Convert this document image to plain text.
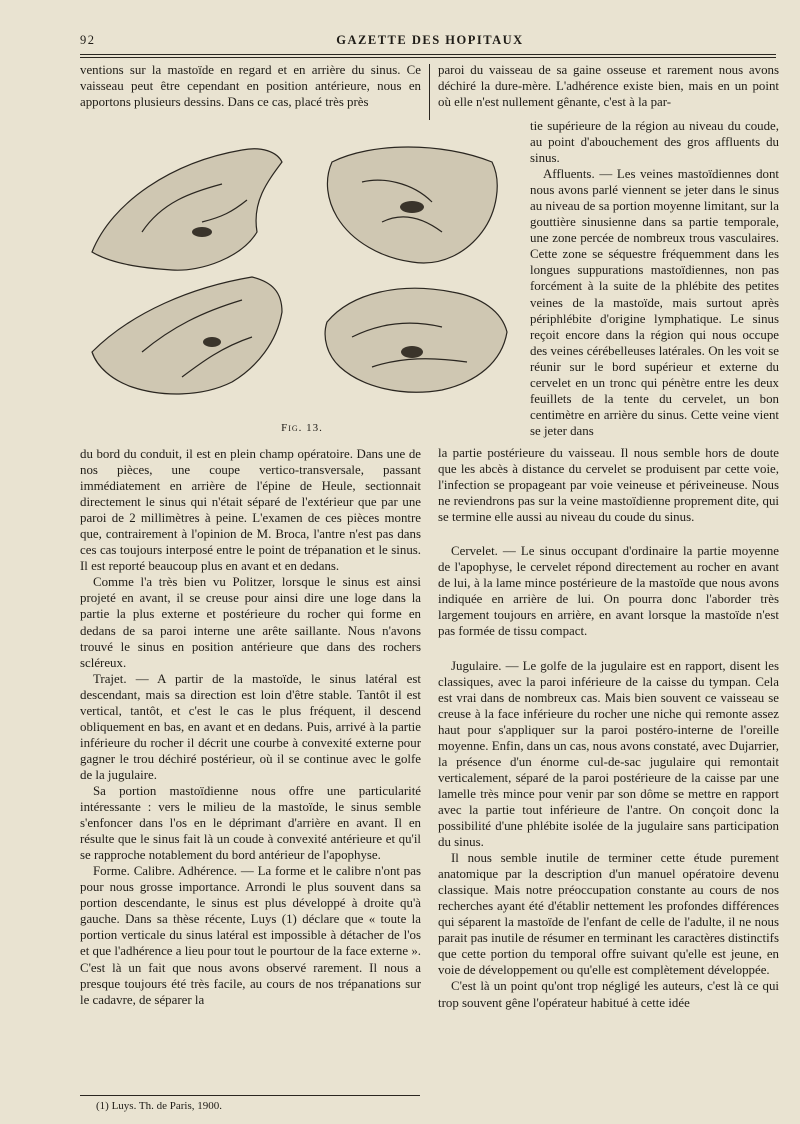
92	GAZETTE DES HOPITAUX

ventions sur la mastoïde en regard et en arrière du sinus. Ce vaisseau peut être cependant en position antérieure, nous en apportons plusieurs dessins. Dans ce cas, placé très près

paroi du vaisseau de sa gaine osseuse et rarement nous avons déchiré la dure-mère. L'adhérence existe bien, mais en un point où elle n'est nullement gênante, c'est à la par-

Fig. 13.

tie supérieure de la région au niveau du coude, au point d'abouchement des gros affluents du sinus.

Affluents. — Les veines mastoïdiennes dont nous avons parlé viennent se jeter dans le sinus au niveau de sa portion moyenne limitant, sur la gouttière sinusienne dans sa partie temporale, une zone percée de nombreux trous vasculaires. Cette zone se séquestre fréquemment dans les longues suppurations mastoïdiennes, non pas forcément à la suite de la phlébite des petites veines de la mastoïde, mais surtout après périphlébite d'origine lymphatique. Le sinus reçoit encore dans la région qui nous occupe des veines cérébelleuses latérales. On les voit se réunir sur le bord supérieur et externe du cervelet en un tronc qui pénètre entre les deux feuillets de la tente du cervelet, un bon centimètre en arrière du sinus. Cette veine vient se jeter dans

la partie postérieure du vaisseau. Il nous semble hors de doute que les abcès à distance du cervelet se produisent par cette voie, l'infection se propageant par voie veineuse et périveineuse. Nous ne reviendrons pas sur la veine mastoïdienne proprement dite, qui se termine elle aussi au niveau du coude du sinus.

Cervelet. — Le sinus occupant d'ordinaire la partie moyenne de l'apophyse, le cervelet répond directement au rocher en avant de lui, à la lame mince postérieure de la mastoïde que nous avons indiquée en arrière de lui. On pourra donc l'aborder très largement toujours en arrière, en avant lorsque la mastoïde n'est pas formée de tissu compact.

Jugulaire. — Le golfe de la jugulaire est en rapport, disent les classiques, avec la paroi inférieure de la caisse du tympan. Cela est vrai dans de nombreux cas. Mais bien souvent ce vaisseau se creuse à la face inférieure du rocher une niche qui remonte assez haut pour s'appliquer sur la paroi postéro-interne de l'oreille moyenne. Enfin, dans un cas, nous avons constaté, avec Dujarrier, la présence d'un énorme cul-de-sac jugulaire qui remontait verticalement, séparé de la paroi postérieure de la caisse par une lamelle très mince pour venir par son dôme se mettre en rapport avec la partie tout inférieure de l'antre. On conçoit donc la possibilité d'une phlébite isolée de la jugulaire sans participation du sinus.

Il nous semble inutile de terminer cette étude purement anatomique par la description d'un manuel opératoire devenu classique. Mais notre préoccupation constante au cours de nos recherches ayant été d'établir nettement les profondes différences qui séparent la mastoïde de l'enfant de celle de l'adulte, il ne nous parait pas inutile de résumer en terminant les caractères distinctifs que cette portion du temporal offre suivant qu'elle est jeune, en voie de développement ou qu'elle est complètement développée.

C'est là un point qu'ont trop négligé les auteurs, c'est là ce qui trop souvent gêne l'opérateur habitué à cette idée

du bord du conduit, il est en plein champ opératoire. Dans une de nos pièces, une coupe vertico-transversale, passant immédiatement en arrière de l'épine de Heule, sectionnait directement le sinus qui n'était séparé de l'extérieur que par une paroi de 2 millimètres à peine. L'examen de ces pièces montre que, contrairement à l'opinion de M. Broca, l'antre n'est pas dans ces cas toujours interposé entre le point de trépanation et le sinus. Il est reporté beaucoup plus en avant et en dedans.

Comme l'a très bien vu Politzer, lorsque le sinus est ainsi projeté en avant, il se creuse pour ainsi dire une loge dans la partie la plus externe et postérieure du rocher qui forme en dedans de sa paroi interne une arête saillante. Nous n'avons trouvé le sinus en position antérieure que dans des rochers scléreux.

Trajet. — A partir de la mastoïde, le sinus latéral est descendant, mais sa direction est loin d'être stable. Tantôt il est vertical, tantôt, et c'est le cas le plus fréquent, il descend obliquement en bas, en avant et en dedans. Puis, arrivé à la partie inférieure du rocher il décrit une courbe à convexité externe pour gagner le trou déchiré postérieur, où il se continue avec le golfe de la jugulaire.

Sa portion mastoïdienne nous offre une particularité intéressante : vers le milieu de la mastoïde, le sinus semble s'enfoncer dans l'os en le déprimant d'arrière en avant. Il en résulte que le sinus fait là un coude à convexité antérieure et qu'il se rapproche notablement du bord antérieur de l'apophyse.

Forme. Calibre. Adhérence. — La forme et le calibre n'ont pas pour nous grosse importance. Arrondi le plus souvent dans sa portion descendante, le sinus est plus développé à droite qu'à gauche. Dans sa thèse récente, Luys (1) déclare que « toute la portion verticale du sinus latéral est impossible à détacher de l'os et que l'adhérence a lieu pour tout le pourtour de la face externe ». C'est là un fait que nous avons observé rarement. Il nous a presque toujours été très facile, au cours de nos trépanations sur le cadavre, de séparer la

(1) Luys. Th. de Paris, 1900.
